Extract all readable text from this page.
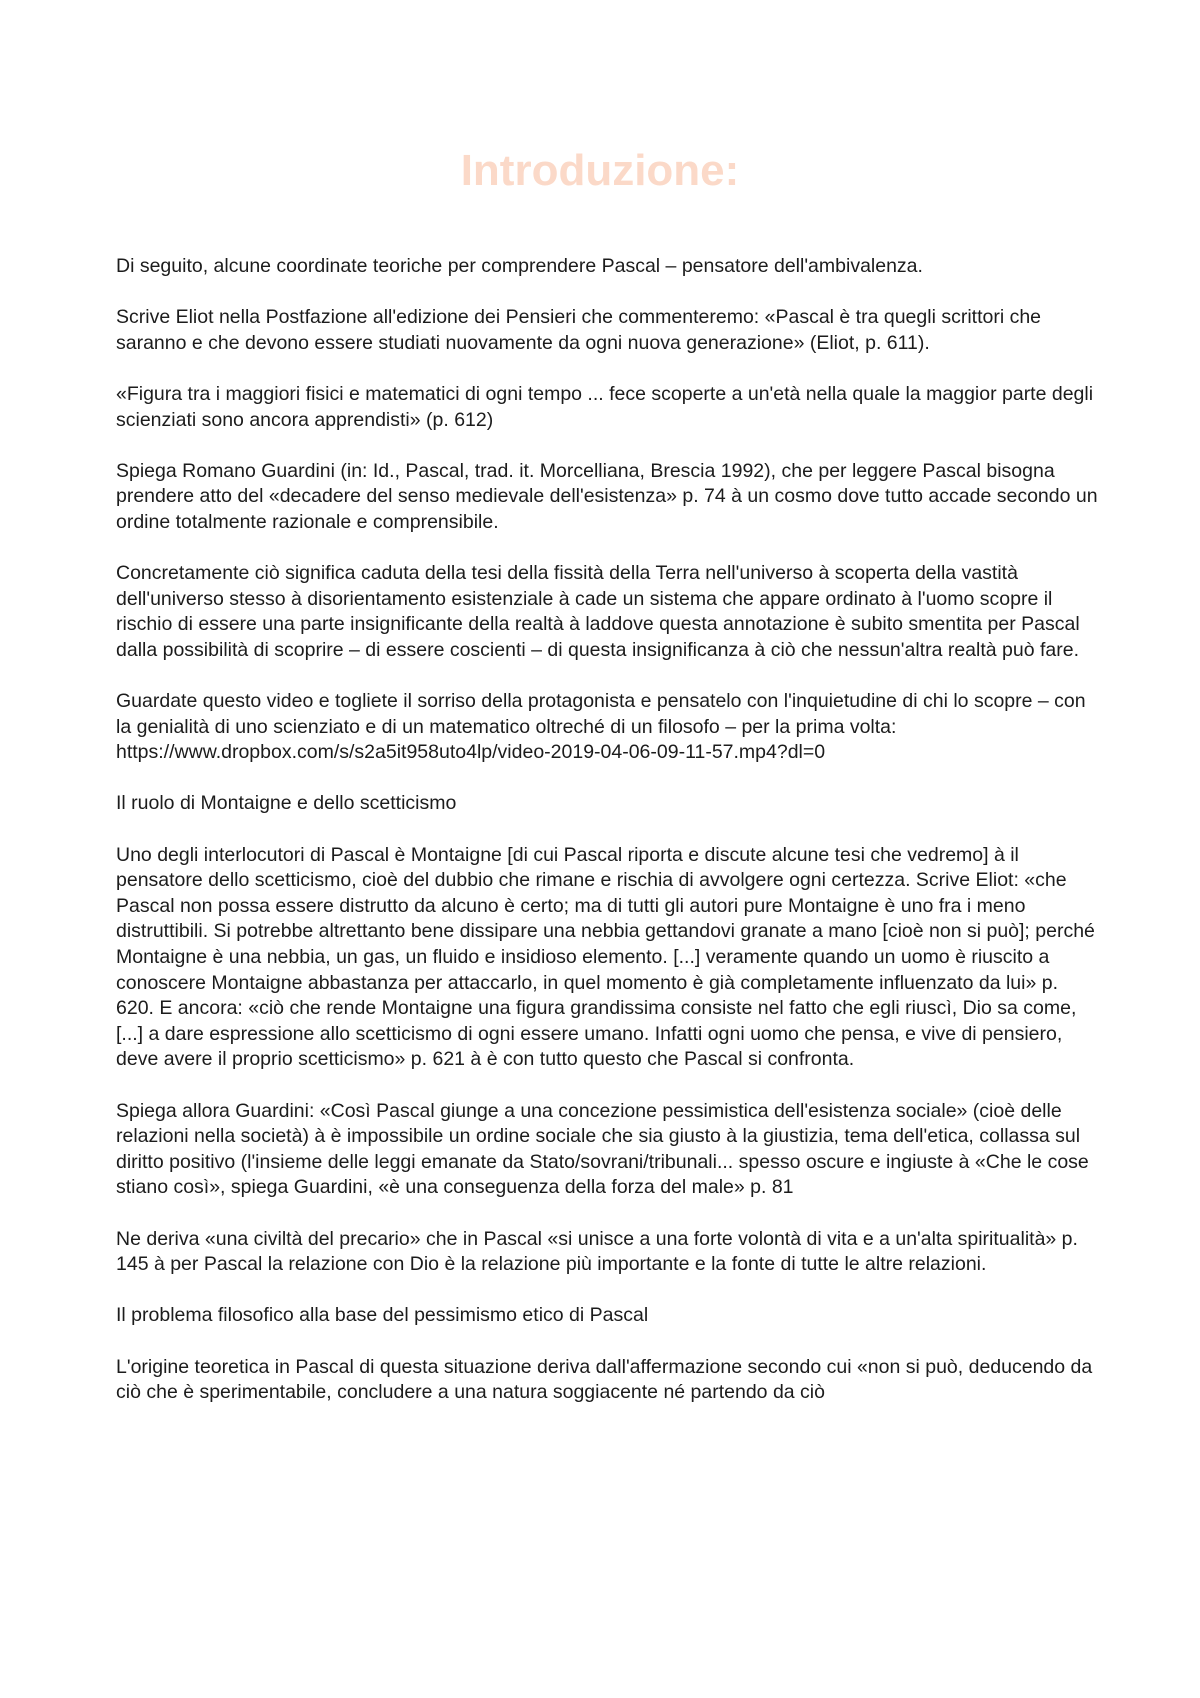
Introduzione:

Di seguito, alcune coordinate teoriche per comprendere Pascal – pensatore dell'ambivalenza.

Scrive Eliot nella Postfazione all'edizione dei Pensieri che commenteremo: «Pascal è tra quegli scrittori che saranno e che devono essere studiati nuovamente da ogni nuova generazione» (Eliot, p. 611).

«Figura tra i maggiori fisici e matematici di ogni tempo ... fece scoperte a un'età nella quale la maggior parte degli scienziati sono ancora apprendisti» (p. 612)

Spiega Romano Guardini (in: Id., Pascal, trad. it. Morcelliana, Brescia 1992), che per leggere Pascal bisogna prendere atto del «decadere del senso medievale dell'esistenza» p. 74 à un cosmo dove tutto accade secondo un ordine totalmente razionale e comprensibile.

Concretamente ciò significa caduta della tesi della fissità della Terra nell'universo à scoperta della vastità dell'universo stesso à disorientamento esistenziale à cade un sistema che appare ordinato à l'uomo scopre il rischio di essere una parte insignificante della realtà à laddove questa annotazione è subito smentita per Pascal dalla possibilità di scoprire – di essere coscienti – di questa insignificanza à ciò che nessun'altra realtà può fare.

Guardate questo video e togliete il sorriso della protagonista e pensatelo con l'inquietudine di chi lo scopre – con la genialità di uno scienziato e di un matematico oltreché di un filosofo – per la prima volta: https://www.dropbox.com/s/s2a5it958uto4lp/video-2019-04-06-09-11-57.mp4?dl=0

Il ruolo di Montaigne e dello scetticismo

Uno degli interlocutori di Pascal è Montaigne [di cui Pascal riporta e discute alcune tesi che vedremo] à il pensatore dello scetticismo, cioè del dubbio che rimane e rischia di avvolgere ogni certezza. Scrive Eliot: «che Pascal non possa essere distrutto da alcuno è certo; ma di tutti gli autori pure Montaigne è uno fra i meno distruttibili. Si potrebbe altrettanto bene dissipare una nebbia gettandovi granate a mano [cioè non si può]; perché Montaigne è una nebbia, un gas, un fluido e insidioso elemento. [...] veramente quando un uomo è riuscito a conoscere Montaigne abbastanza per attaccarlo, in quel momento è già completamente influenzato da lui» p. 620. E ancora: «ciò che rende Montaigne una figura grandissima consiste nel fatto che egli riuscì, Dio sa come, [...] a dare espressione allo scetticismo di ogni essere umano. Infatti ogni uomo che pensa, e vive di pensiero, deve avere il proprio scetticismo» p. 621 à è con tutto questo che Pascal si confronta.

Spiega allora Guardini: «Così Pascal giunge a una concezione pessimistica dell'esistenza sociale» (cioè delle relazioni nella società) à è impossibile un ordine sociale che sia giusto à la giustizia, tema dell'etica, collassa sul diritto positivo (l'insieme delle leggi emanate da Stato/sovrani/tribunali... spesso oscure e ingiuste à «Che le cose stiano così», spiega Guardini, «è una conseguenza della forza del male» p. 81

Ne deriva «una civiltà del precario» che in Pascal «si unisce a una forte volontà di vita e a un'alta spiritualità» p. 145 à per Pascal la relazione con Dio è la relazione più importante e la fonte di tutte le altre relazioni.

Il problema filosofico alla base del pessimismo etico di Pascal

L'origine teoretica in Pascal di questa situazione deriva dall'affermazione secondo cui «non si può, deducendo da ciò che è sperimentabile, concludere a una natura soggiacente né partendo da ciò
